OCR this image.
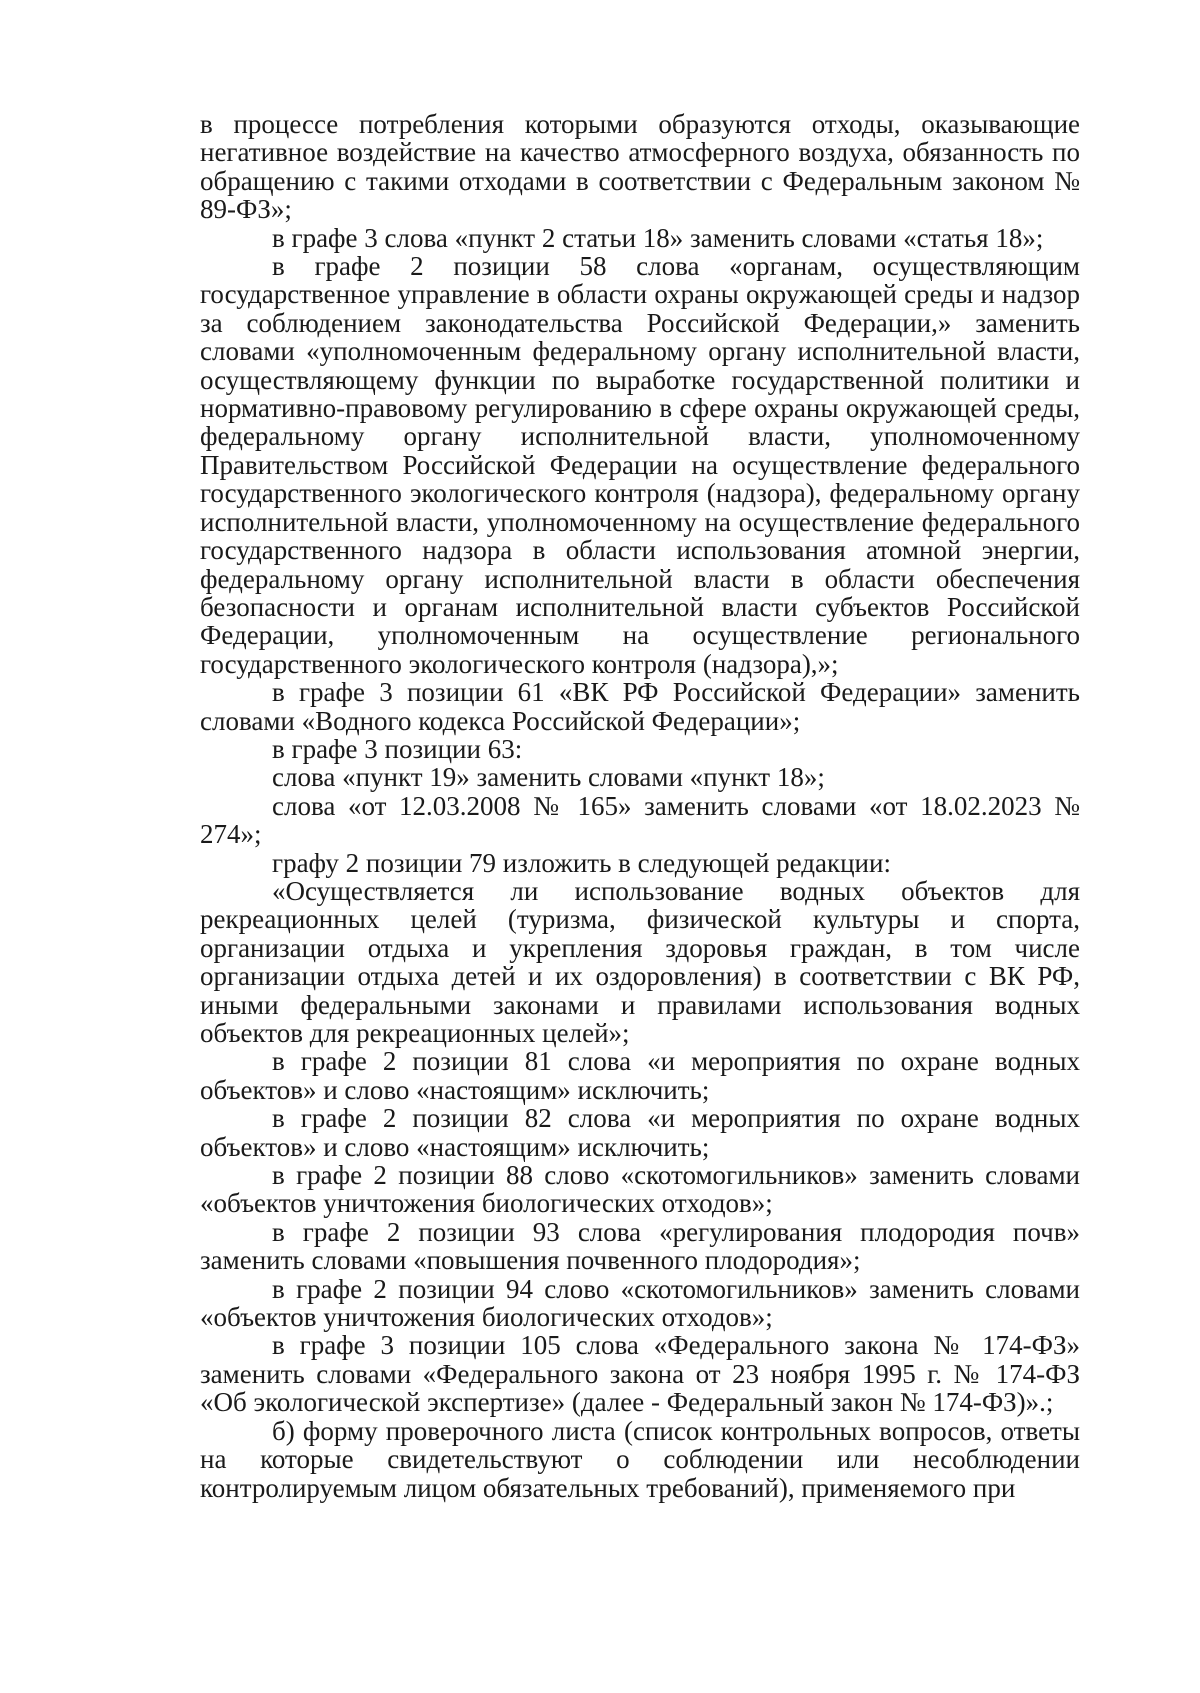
в процессе потребления которыми образуются отходы, оказывающие негативное воздействие на качество атмосферного воздуха, обязанность по обращению с такими отходами в соответствии с Федеральным законом № 89-ФЗ»;

в графе 3 слова «пункт 2 статьи 18» заменить словами «статья 18»;

в графе 2 позиции 58 слова «органам, осуществляющим государственное управление в области охраны окружающей среды и надзор за соблюдением законодательства Российской Федерации,» заменить словами «уполномоченным федеральному органу исполнительной власти, осуществляющему функции по выработке государственной политики и нормативно-правовому регулированию в сфере охраны окружающей среды, федеральному органу исполнительной власти, уполномоченному Правительством Российской Федерации на осуществление федерального государственного экологического контроля (надзора), федеральному органу исполнительной власти, уполномоченному на осуществление федерального государственного надзора в области использования атомной энергии, федеральному органу исполнительной власти в области обеспечения безопасности и органам исполнительной власти субъектов Российской Федерации, уполномоченным на осуществление регионального государственного экологического контроля (надзора),»;

в графе 3 позиции 61 «ВК РФ Российской Федерации» заменить словами «Водного кодекса Российской Федерации»;

в графе 3 позиции 63:

слова «пункт 19» заменить словами «пункт 18»;

слова «от 12.03.2008 № 165» заменить словами «от 18.02.2023 № 274»;

графу 2 позиции 79 изложить в следующей редакции:

«Осуществляется ли использование водных объектов для рекреационных целей (туризма, физической культуры и спорта, организации отдыха и укрепления здоровья граждан, в том числе организации отдыха детей и их оздоровления) в соответствии с ВК РФ, иными федеральными законами и правилами использования водных объектов для рекреационных целей»;

в графе 2 позиции 81 слова «и мероприятия по охране водных объектов» и слово «настоящим» исключить;

в графе 2 позиции 82 слова «и мероприятия по охране водных объектов» и слово «настоящим» исключить;

в графе 2 позиции 88 слово «скотомогильников» заменить словами «объектов уничтожения биологических отходов»;

в графе 2 позиции 93 слова «регулирования плодородия почв» заменить словами «повышения почвенного плодородия»;

в графе 2 позиции 94 слово «скотомогильников» заменить словами «объектов уничтожения биологических отходов»;

в графе 3 позиции 105 слова «Федерального закона № 174-ФЗ» заменить словами «Федерального закона от 23 ноября 1995 г. № 174-ФЗ «Об экологической экспертизе» (далее - Федеральный закон № 174-ФЗ)».;

б) форму проверочного листа (список контрольных вопросов, ответы на которые свидетельствуют о соблюдении или несоблюдении контролируемым лицом обязательных требований), применяемого при
